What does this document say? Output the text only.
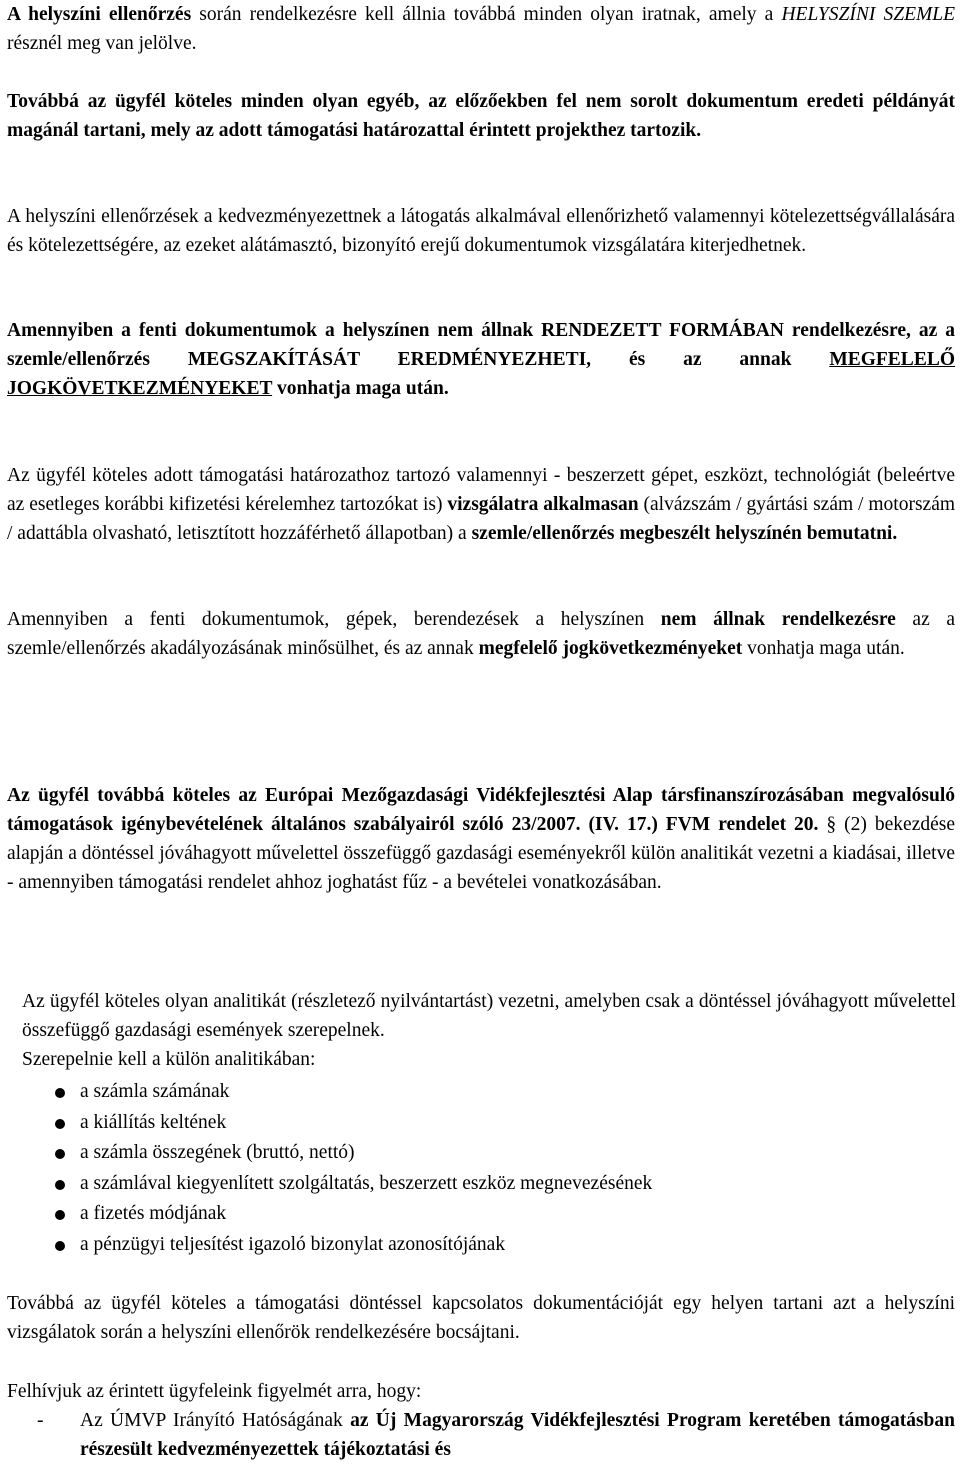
A helyszíni ellenőrzés során rendelkezésre kell állnia továbbá minden olyan iratnak, amely a HELYSZÍNI SZEMLE résznél meg van jelölve.

Továbbá az ügyfél köteles minden olyan egyéb, az előzőekben fel nem sorolt dokumentum eredeti példányát magánál tartani, mely az adott támogatási határozattal érintett projekthez tartozik.

A helyszíni ellenőrzések a kedvezményezettnek a látogatás alkalmával ellenőrizhető valamennyi kötelezettségvállalására és kötelezettségére, az ezeket alátámasztó, bizonyító erejű dokumentumok vizsgálatára kiterjedhetnek.

Amennyiben a fenti dokumentumok a helyszínen nem állnak RENDEZETT FORMÁBAN rendelkezésre, az a szemle/ellenőrzés MEGSZAKÍTÁSÁT EREDMÉNYEZHETI, és az annak MEGFELELŐ JOGKÖVETKEZMÉNYEKET vonhatja maga után.

Az ügyfél köteles adott támogatási határozathoz tartozó valamennyi - beszerzett gépet, eszközt, technológiát (beleértve az esetleges korábbi kifizetési kérelemhez tartozókat is) vizsgálatra alkalmasan (alvázszám / gyártási szám / motorszám / adattábla olvasható, letisztított hozzáférhető állapotban) a szemle/ellenőrzés megbeszélt helyszínén bemutatni.

Amennyiben a fenti dokumentumok, gépek, berendezések a helyszínen nem állnak rendelkezésre az a szemle/ellenőrzés akadályozásának minősülhet, és az annak megfelelő jogkövetkezményeket vonhatja maga után.

Az ügyfél továbbá köteles az Európai Mezőgazdasági Vidékfejlesztési Alap társfinanszírozásában megvalósuló támogatások igénybevételének általános szabályairól szóló 23/2007. (IV. 17.) FVM rendelet 20. § (2) bekezdése alapján a döntéssel jóváhagyott művelettel összefüggő gazdasági eseményekről külön analitikát vezetni a kiadásai, illetve - amennyiben támogatási rendelet ahhoz joghatást fűz - a bevételei vonatkozásában.

Az ügyfél köteles olyan analitikát (részletező nyilvántartást) vezetni, amelyben csak a döntéssel jóváhagyott művelettel összefüggő gazdasági események szerepelnek.

Szerepelnie kell a külön analitikában:

a számla számának
a kiállítás keltének
a számla összegének (bruttó, nettó)
a számlával kiegyenlített szolgáltatás, beszerzett eszköz megnevezésének
a fizetés módjának
a pénzügyi teljesítést igazoló bizonylat azonosítójának

Továbbá az ügyfél köteles a támogatási döntéssel kapcsolatos dokumentációját egy helyen tartani azt a helyszíni vizsgálatok során a helyszíni ellenőrök rendelkezésére bocsájtani.

Felhívjuk az érintett ügyfeleink figyelmét arra, hogy:

- Az ÚMVP Irányító Hatóságának az Új Magyarország Vidékfejlesztési Program keretében támogatásban részesült kedvezményezettek tájékoztatási és
